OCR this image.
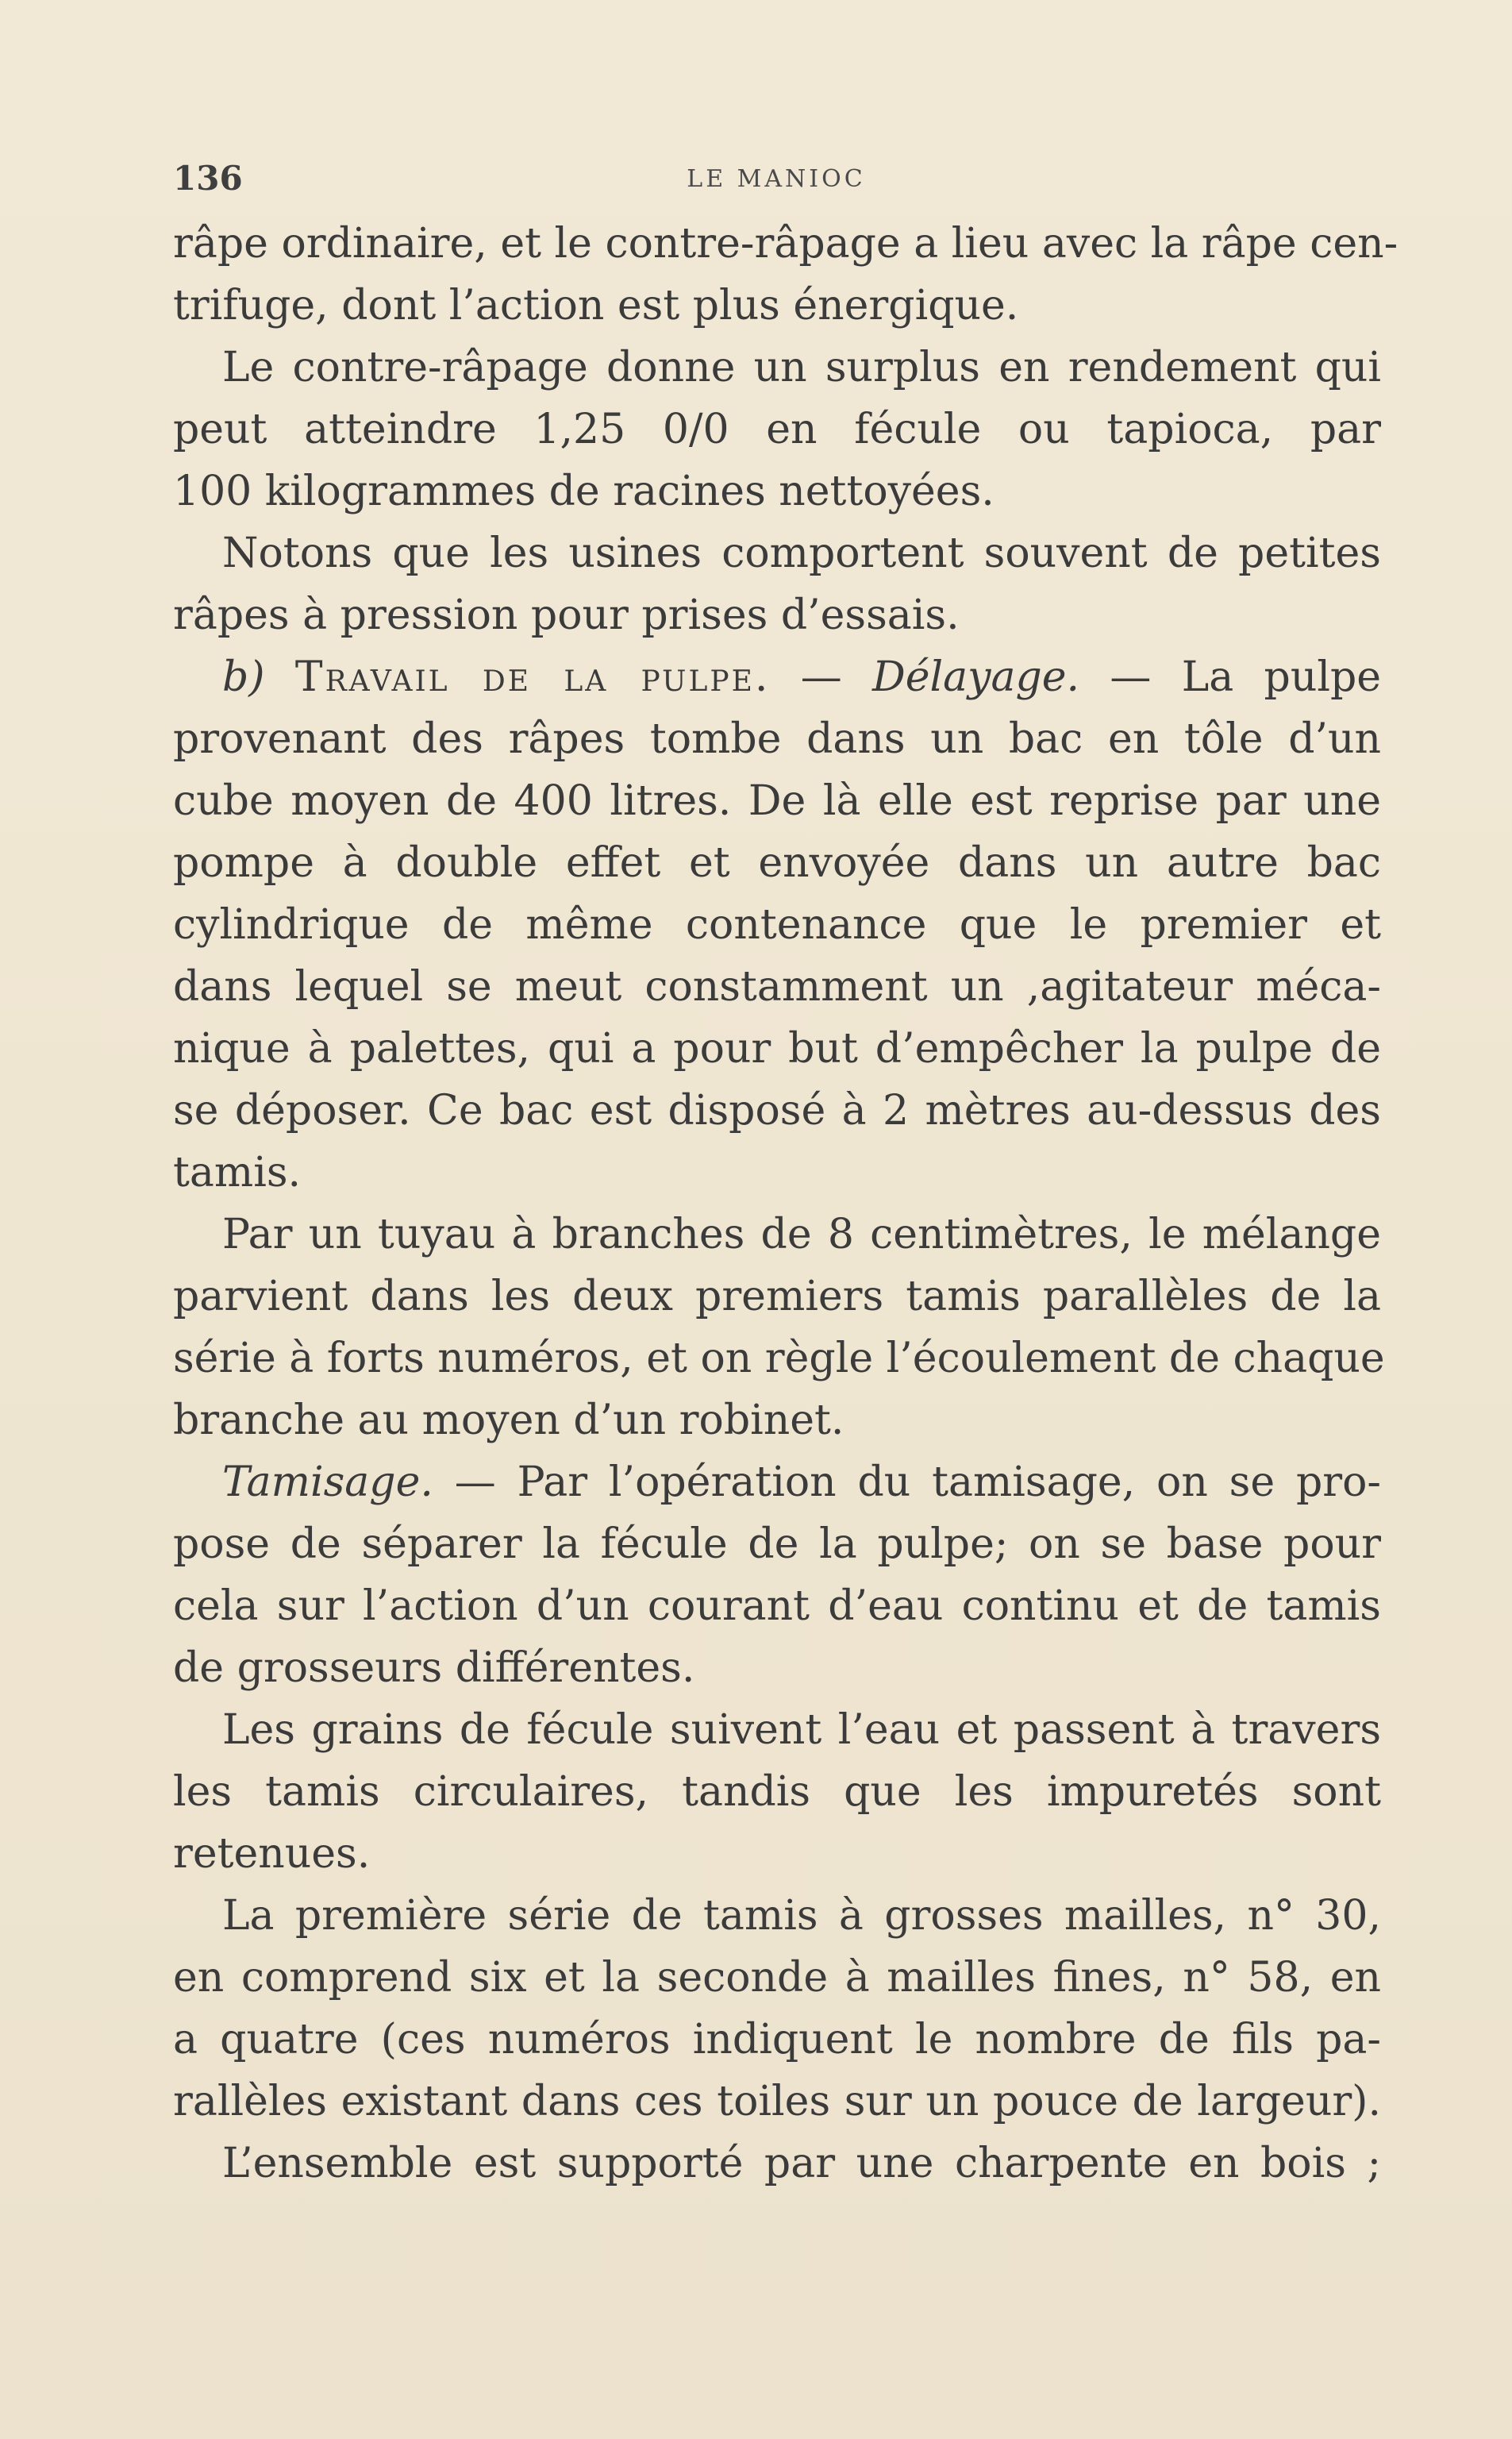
136	LE MANIOC
râpe ordinaire, et le contre-râpage a lieu avec la râpe cen-
trifuge, dont l’action est plus énergique.
Le contre-râpage donne un surplus en rendement qui
peut atteindre 1,25 0/0 en fécule ou tapioca, par
100 kilogrammes de racines nettoyées.
Notons que les usines comportent souvent de petites
râpes à pression pour prises d’essais.
b) Travail de la pulpe. — Délayage. — La pulpe
provenant des râpes tombe dans un bac en tôle d’un
cube moyen de 400 litres. De là elle est reprise par une
pompe à double effet et envoyée dans un autre bac
cylindrique de même contenance que le premier et
dans lequel se meut constamment un ,agitateur méca-
nique à palettes, qui a pour but d’empêcher la pulpe de
se déposer. Ce bac est disposé à 2 mètres au-dessus des
tamis.
Par un tuyau à branches de 8 centimètres, le mélange
parvient dans les deux premiers tamis parallèles de la
série à forts numéros, et on règle l’écoulement de chaque
branche au moyen d’un robinet.
Tamisage. — Par l’opération du tamisage, on se pro-
pose de séparer la fécule de la pulpe; on se base pour
cela sur l’action d’un courant d’eau continu et de tamis
de grosseurs différentes.
Les grains de fécule suivent l’eau et passent à travers
les tamis circulaires, tandis que les impuretés sont
retenues.
La première série de tamis à grosses mailles, n° 30,
en comprend six et la seconde à mailles fines, n° 58, en
a quatre (ces numéros indiquent le nombre de fils pa-
rallèles existant dans ces toiles sur un pouce de largeur).
L’ensemble est supporté par une charpente en bois ;
